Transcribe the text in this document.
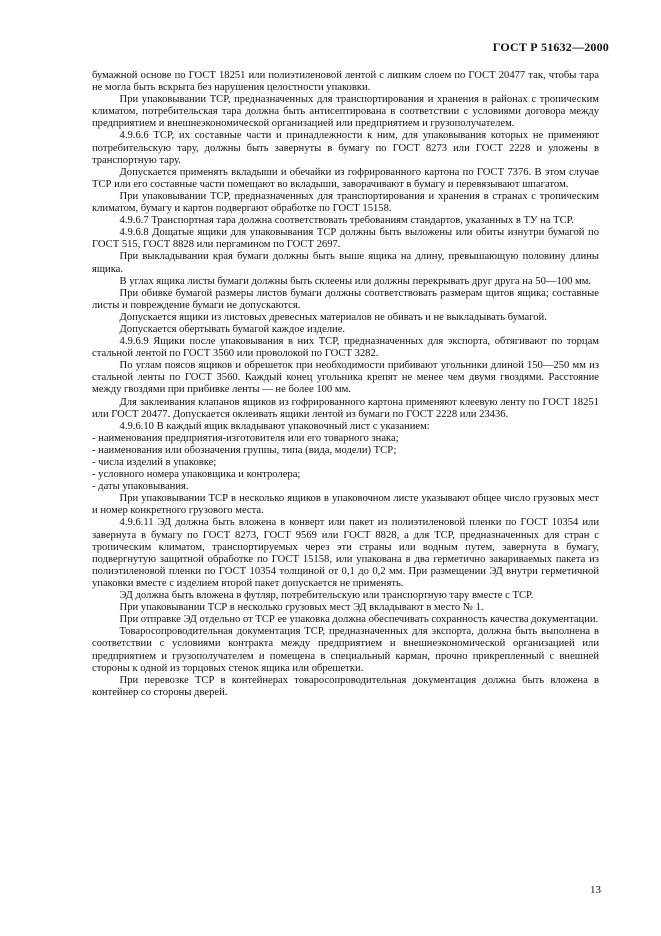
ГОСТ Р 51632—2000

бумажной основе по ГОСТ 18251 или полиэтиленовой лентой с липким слоем по ГОСТ 20477 так, чтобы тара не могла быть вскрыта без нарушения целостности упаковки.

При упаковывании ТСР, предназначенных для транспортирования и хранения в районах с тропическим климатом, потребительская тара должна быть антисептирована в соответствии с условиями договора между предприятием и внешнеэкономической организацией или предприятием и грузополучателем.

4.9.6.6 ТСР, их составные части и принадлежности к ним, для упаковывания которых не применяют потребительскую тару, должны быть завернуты в бумагу по ГОСТ 8273 или ГОСТ 2228 и уложены в транспортную тару.

Допускается применять вкладыши и обечайки из гофрированного картона по ГОСТ 7376. В этом случае ТСР или его составные части помещают во вкладыши, заворачивают в бумагу и перевязывают шпагатом.

При упаковывании ТСР, предназначенных для транспортирования и хранения в странах с тропическим климатом, бумагу и картон подвергают обработке по ГОСТ 15158.

4.9.6.7 Транспортная тара должна соответствовать требованиям стандартов, указанных в ТУ на ТСР.

4.9.6.8 Дощатые ящики для упаковывания ТСР должны быть выложены или обиты изнутри бумагой по ГОСТ 515, ГОСТ 8828 или пергамином по ГОСТ 2697.

При выкладывании края бумаги должны быть выше ящика на длину, превышающую половину длины ящика.

В углах ящика листы бумаги должны быть склеены или должны перекрывать друг друга на 50—100 мм.

При обивке бумагой размеры листов бумаги должны соответствовать размерам щитов ящика; составные листы и повреждение бумаги не допускаются.

Допускается ящики из листовых древесных материалов не обивать и не выкладывать бумагой.

Допускается обертывать бумагой каждое изделие.

4.9.6.9 Ящики после упаковывания в них ТСР, предназначенных для экспорта, обтягивают по торцам стальной лентой по ГОСТ 3560 или проволокой по ГОСТ 3282.

По углам поясов ящиков и обрешеток при необходимости прибивают угольники длиной 150—250 мм из стальной ленты по ГОСТ 3560. Каждый конец угольника крепят не менее чем двумя гвоздями. Расстояние между гвоздями при прибивке ленты — не более 100 мм.

Для заклеивания клапанов ящиков из гофрированного картона применяют клеевую ленту по ГОСТ 18251 или ГОСТ 20477. Допускается оклеивать ящики лентой из бумаги по ГОСТ 2228 или 23436.

4.9.6.10 В каждый ящик вкладывают упаковочный лист с указанием:

- наименования предприятия-изготовителя или его товарного знака;

- наименования или обозначения группы, типа (вида, модели) ТСР;

- числа изделий в упаковке;

- условного номера упаковщика и контролера;

- даты упаковывания.

При упаковывании ТСР в несколько ящиков в упаковочном листе указывают общее число грузовых мест и номер конкретного грузового места.

4.9.6.11 ЭД должна быть вложена в конверт или пакет из полиэтиленовой пленки по ГОСТ 10354 или завернута в бумагу по ГОСТ 8273, ГОСТ 9569 или ГОСТ 8828, а для ТСР, предназначенных для стран с тропическим климатом, транспортируемых через эти страны или водным путем, завернута в бумагу, подвергнутую защитной обработке по ГОСТ 15158, или упакована в два герметично завариваемых пакета из полиэтиленовой пленки по ГОСТ 10354 толщиной от 0,1 до 0,2 мм. При размещении ЭД внутри герметичной упаковки вместе с изделием второй пакет допускается не применять.

ЭД должна быть вложена в футляр, потребительскую или транспортную тару вместе с ТСР.

При упаковывании ТСР в несколько грузовых мест ЭД вкладывают в место № 1.

При отправке ЭД отдельно от ТСР ее упаковка должна обеспечивать сохранность качества документации.

Товаросопроводительная документация ТСР, предназначенных для экспорта, должна быть выполнена в соответствии с условиями контракта между предприятием и внешнеэкономической организацией или предприятием и грузополучателем и помещена в специальный карман, прочно прикрепленный с внешней стороны к одной из торцовых стенок ящика или обрешетки.

При перевозке ТСР в контейнерах товаросопроводительная документация должна быть вложена в контейнер со стороны дверей.

13
